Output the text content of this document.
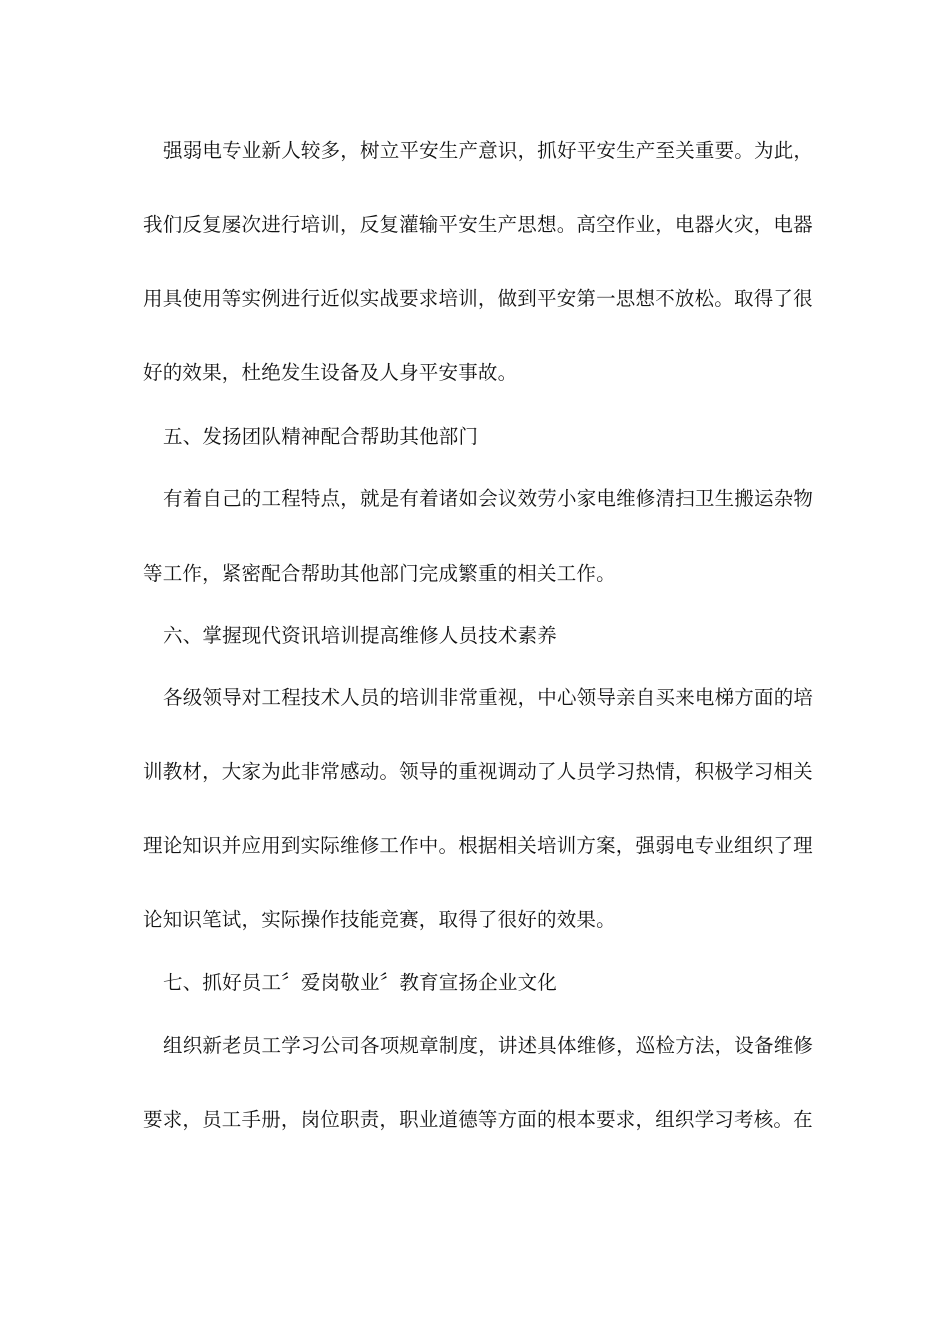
强弱电专业新人较多，树立平安生产意识，抓好平安生产至关重要。为此，
我们反复屡次进行培训，反复灌输平安生产思想。高空作业，电器火灾，电器
用具使用等实例进行近似实战要求培训，做到平安第一思想不放松。取得了很
好的效果，杜绝发生设备及人身平安事故。
五、发扬团队精神配合帮助其他部门
有着自己的工程特点，就是有着诸如会议效劳小家电维修清扫卫生搬运杂物
等工作，紧密配合帮助其他部门完成繁重的相关工作。
六、掌握现代资讯培训提高维修人员技术素养
各级领导对工程技术人员的培训非常重视，中心领导亲自买来电梯方面的培
训教材，大家为此非常感动。领导的重视调动了人员学习热情，积极学习相关
理论知识并应用到实际维修工作中。根据相关培训方案，强弱电专业组织了理
论知识笔试，实际操作技能竞赛，取得了很好的效果。
七、抓好员工〞爱岗敬业〞教育宣扬企业文化
组织新老员工学习公司各项规章制度，讲述具体维修，巡检方法，设备维修
要求，员工手册，岗位职责，职业道德等方面的根本要求，组织学习考核。在
